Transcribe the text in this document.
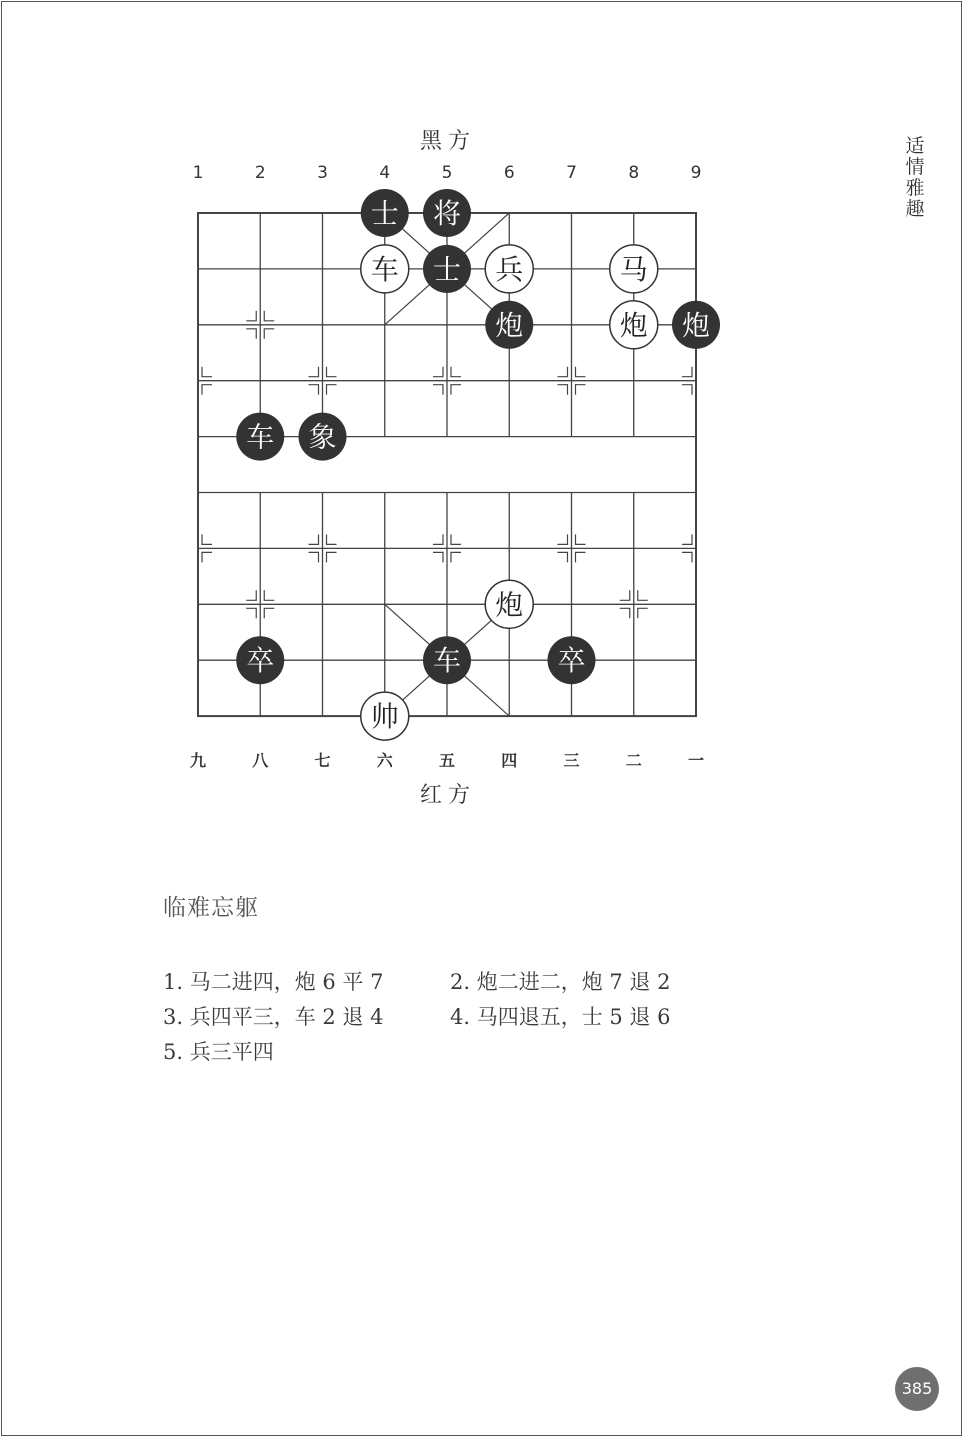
适
情
雅
趣
黑方
红方
1	2	3	4	5	6	7	8	9
九	八	七	六	五	四	三	二	一
士 将
车 士 兵	马
炮	炮 炮
车 象
炮
卒	车	卒
帅
临难忘躯
1. 马二进四，炮 6 平 7	2. 炮二进二，炮 7 退 2
3. 兵四平三，车 2 退 4	4. 马四退五，士 5 退 6
5. 兵三平四
385
